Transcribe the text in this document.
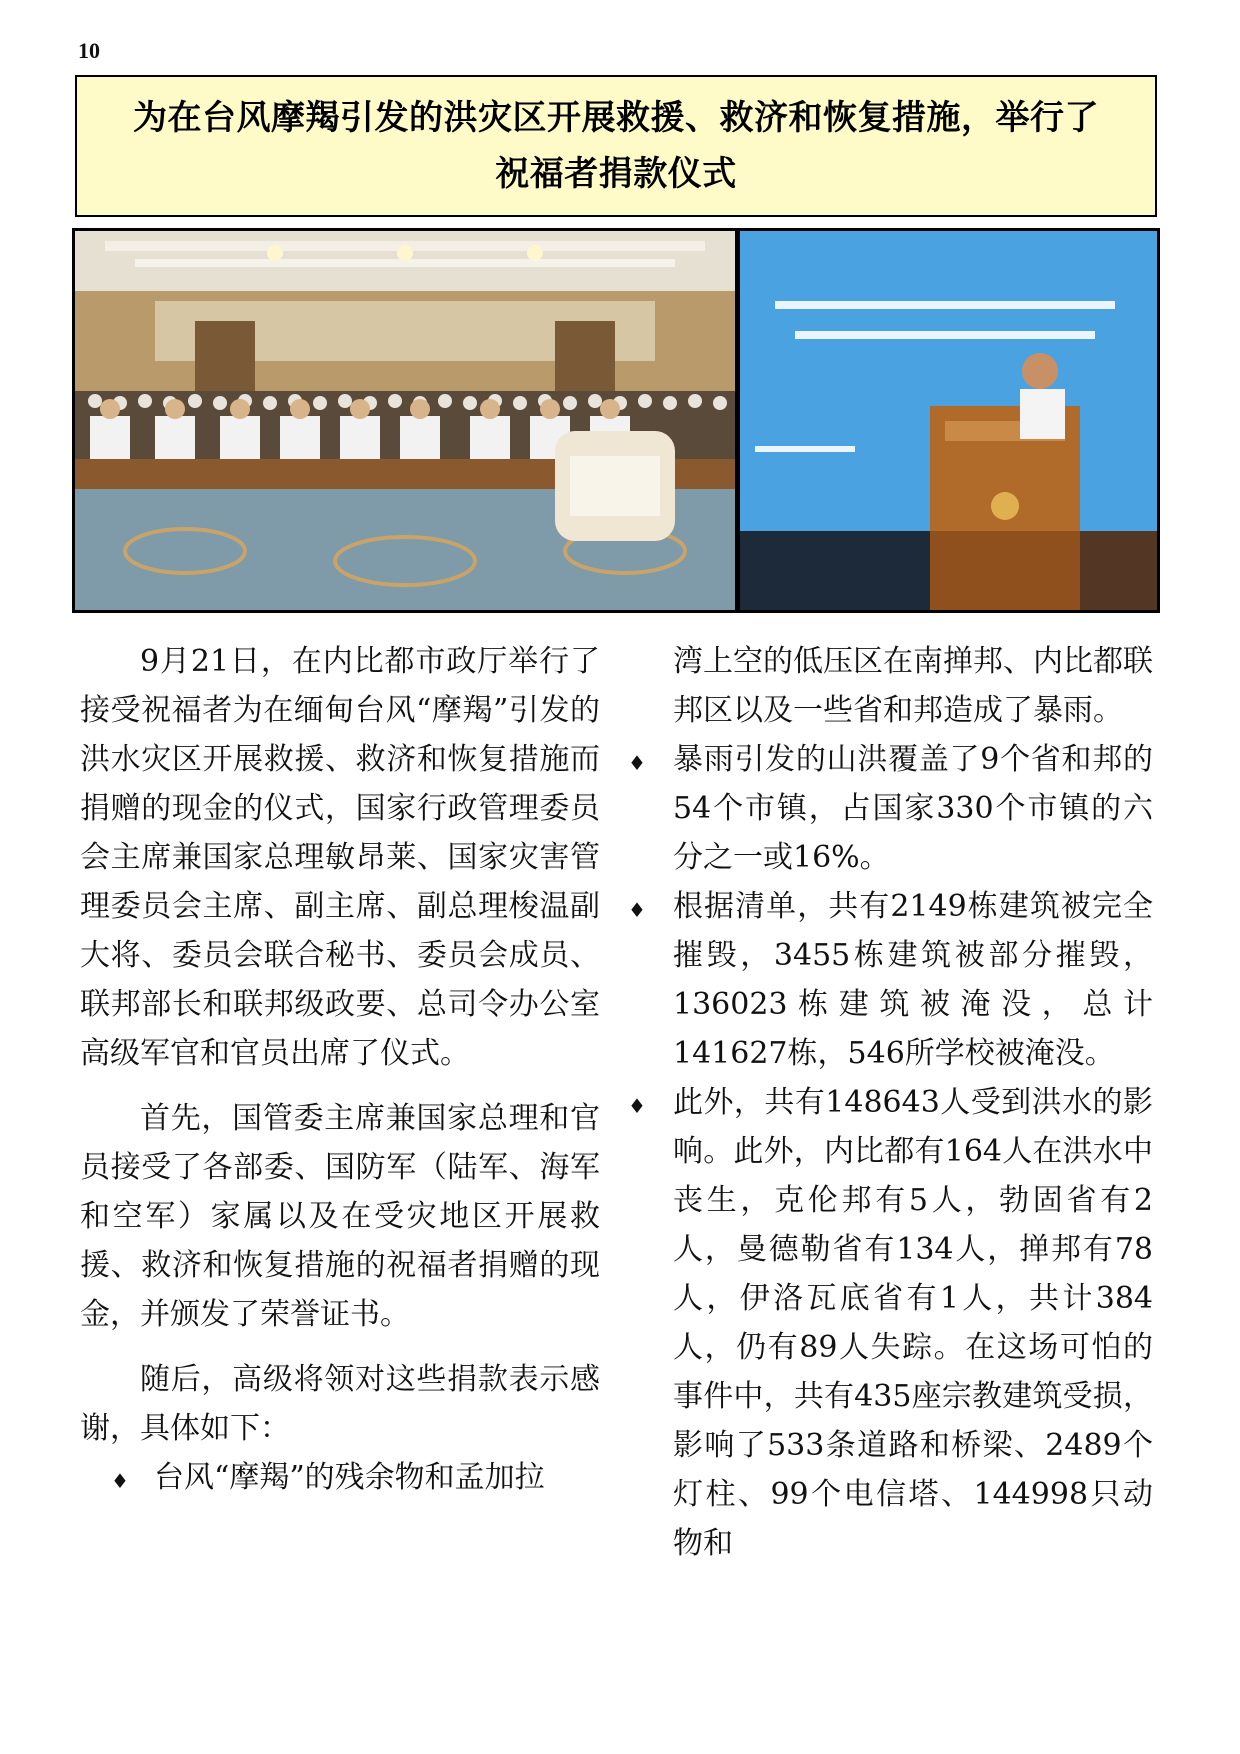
10
为在台风摩羯引发的洪灾区开展救援、救济和恢复措施，举行了
祝福者捐款仪式

9月21日，在内比都市政厅举行了接受祝福者为在缅甸台风“摩羯”引发的洪水灾区开展救援、救济和恢复措施而捐赠的现金的仪式，国家行政管理委员会主席兼国家总理敏昂莱、国家灾害管理委员会主席、副主席、副总理梭温副大将、委员会联合秘书、委员会成员、联邦部长和联邦级政要、总司令办公室高级军官和官员出席了仪式。

首先，国管委主席兼国家总理和官员接受了各部委、国防军（陆军、海军和空军）家属以及在受灾地区开展救援、救济和恢复措施的祝福者捐赠的现金，并颁发了荣誉证书。

随后，高级将领对这些捐款表示感谢，具体如下：

♦ 台风“摩羯”的残余物和孟加拉

湾上空的低压区在南掸邦、内比都联邦区以及一些省和邦造成了暴雨。

♦ 暴雨引发的山洪覆盖了9个省和邦的54个市镇，占国家330个市镇的六分之一或16%。

♦ 根据清单，共有2149栋建筑被完全摧毁，3455栋建筑被部分摧毁，136023栋建筑被淹没，总计141627栋，546所学校被淹没。

♦ 此外，共有148643人受到洪水的影响。此外，内比都有164人在洪水中丧生，克伦邦有5人，勃固省有2人，曼德勒省有134人，掸邦有78人，伊洛瓦底省有1人，共计384人，仍有89人失踪。在这场可怕的事件中，共有435座宗教建筑受损，影响了533条道路和桥梁、2489个灯柱、99个电信塔、144998只动物和
